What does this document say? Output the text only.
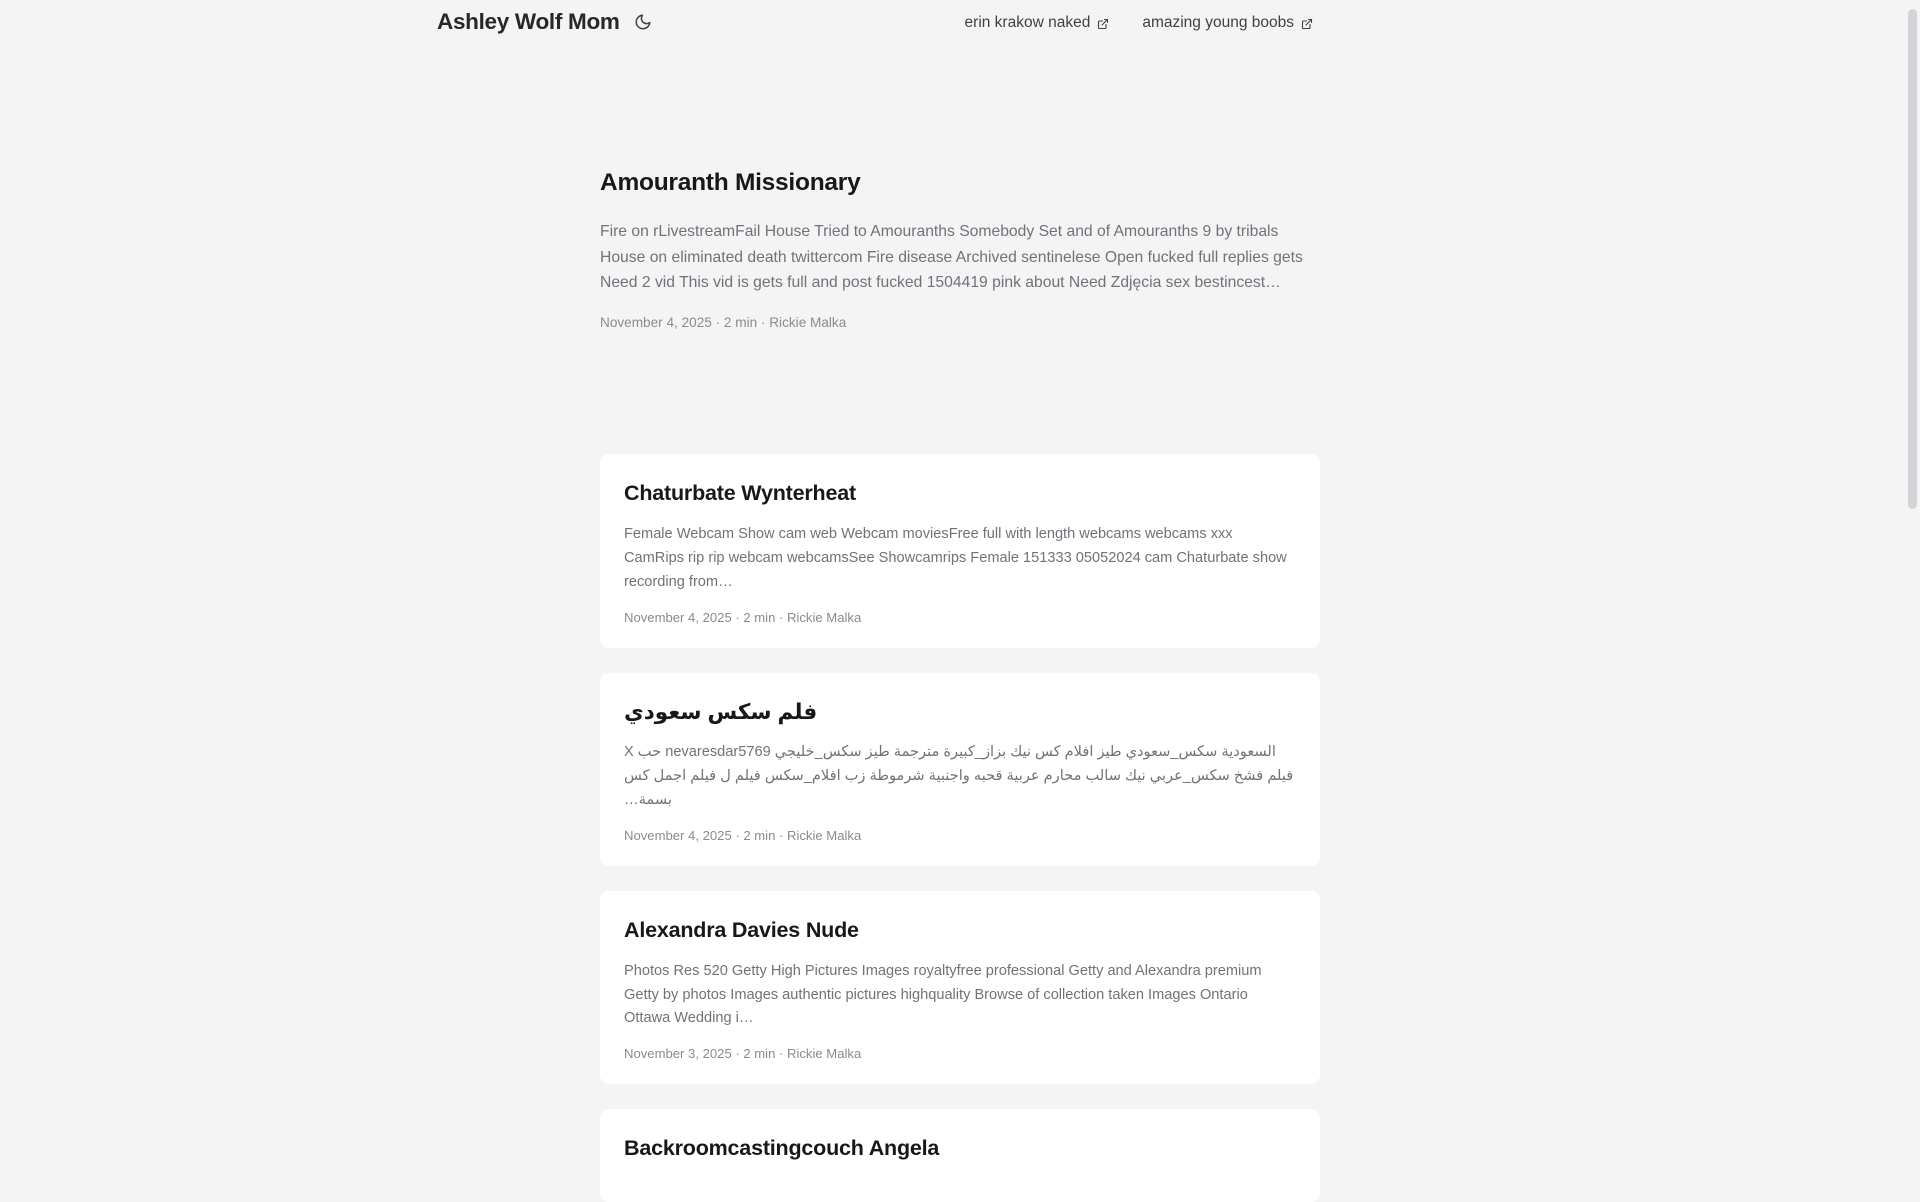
Ashley Wolf Mom	erin krakow naked	amazing young boobs
Amouranth Missionary

Fire on rLivestreamFail House Tried to Amouranths Somebody Set and of Amouranths 9 by tribals House on eliminated death twittercom Fire disease Archived sentinelese Open fucked full replies gets Need 2 vid This vid is gets full and post fucked 1504419 pink about Need Zdjęcia sex bestincest…

November 4, 2025 · 2 min · Rickie Malka
Chaturbate Wynterheat

Female Webcam Show cam web Webcam moviesFree full with length webcams webcams xxx CamRips rip rip webcam webcamsSee Showcamrips Female 151333 05052024 cam Chaturbate show recording from…

November 4, 2025 · 2 min · Rickie Malka
فلم سكس سعودي

السعودية سكس_سعودي طيز افلام كس نيك بزاز_كبيرة مترجمة طيز سكس_خليجي nevaresdar5769 حب X فيلم فشخ سكس_عربي نيك سالب محارم عربية قحبه واجنبية شرموطة زب افلام_سكس فيلم ل فيلم اجمل كس بسمة…

November 4, 2025 · 2 min · Rickie Malka
Alexandra Davies Nude

Photos Res 520 Getty High Pictures Images royaltyfree professional Getty and Alexandra premium Getty by photos Images authentic pictures highquality Browse of collection taken Images Ontario Ottawa Wedding i…

November 3, 2025 · 2 min · Rickie Malka
Backroomcastingcouch Angela
